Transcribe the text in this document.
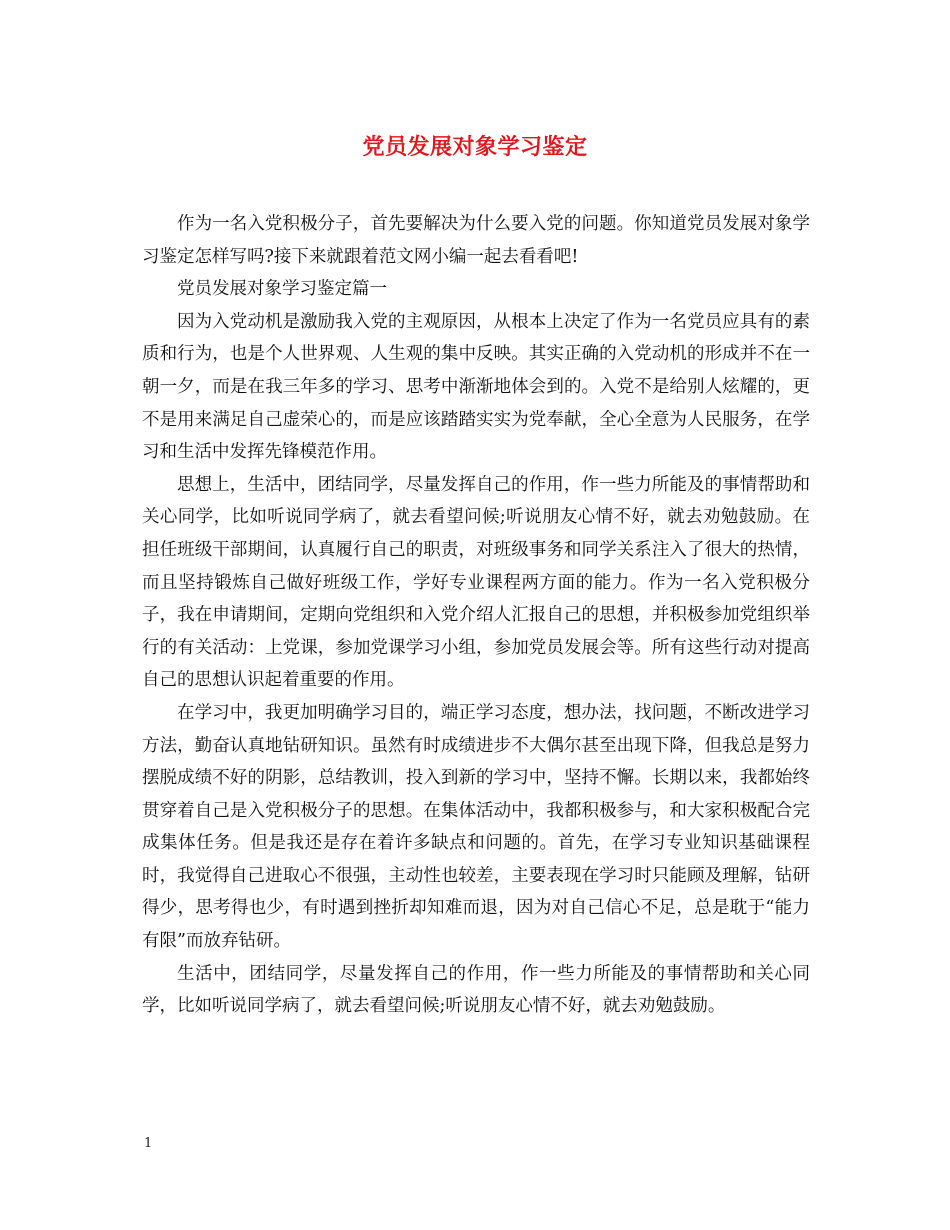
党员发展对象学习鉴定

作为一名入党积极分子，首先要解决为什么要入党的问题。你知道党员发展对象学习鉴定怎样写吗?接下来就跟着范文网小编一起去看看吧!

党员发展对象学习鉴定篇一

因为入党动机是激励我入党的主观原因，从根本上决定了作为一名党员应具有的素质和行为，也是个人世界观、人生观的集中反映。其实正确的入党动机的形成并不在一朝一夕，而是在我三年多的学习、思考中渐渐地体会到的。入党不是给别人炫耀的，更不是用来满足自己虚荣心的，而是应该踏踏实实为党奉献，全心全意为人民服务，在学习和生活中发挥先锋模范作用。

思想上，生活中，团结同学，尽量发挥自己的作用，作一些力所能及的事情帮助和关心同学，比如听说同学病了，就去看望问候;听说朋友心情不好，就去劝勉鼓励。在担任班级干部期间，认真履行自己的职责，对班级事务和同学关系注入了很大的热情，而且坚持锻炼自己做好班级工作，学好专业课程两方面的能力。作为一名入党积极分子，我在申请期间，定期向党组织和入党介绍人汇报自己的思想，并积极参加党组织举行的有关活动：上党课，参加党课学习小组，参加党员发展会等。所有这些行动对提高自己的思想认识起着重要的作用。

在学习中，我更加明确学习目的，端正学习态度，想办法，找问题，不断改进学习方法，勤奋认真地钻研知识。虽然有时成绩进步不大偶尔甚至出现下降，但我总是努力摆脱成绩不好的阴影，总结教训，投入到新的学习中，坚持不懈。长期以来，我都始终贯穿着自己是入党积极分子的思想。在集体活动中，我都积极参与，和大家积极配合完成集体任务。但是我还是存在着许多缺点和问题的。首先，在学习专业知识基础课程时，我觉得自己进取心不很强，主动性也较差，主要表现在学习时只能顾及理解，钻研得少，思考得也少，有时遇到挫折却知难而退，因为对自己信心不足，总是耽于“能力有限”而放弃钻研。

生活中，团结同学，尽量发挥自己的作用，作一些力所能及的事情帮助和关心同学，比如听说同学病了，就去看望问候;听说朋友心情不好，就去劝勉鼓励。

1
